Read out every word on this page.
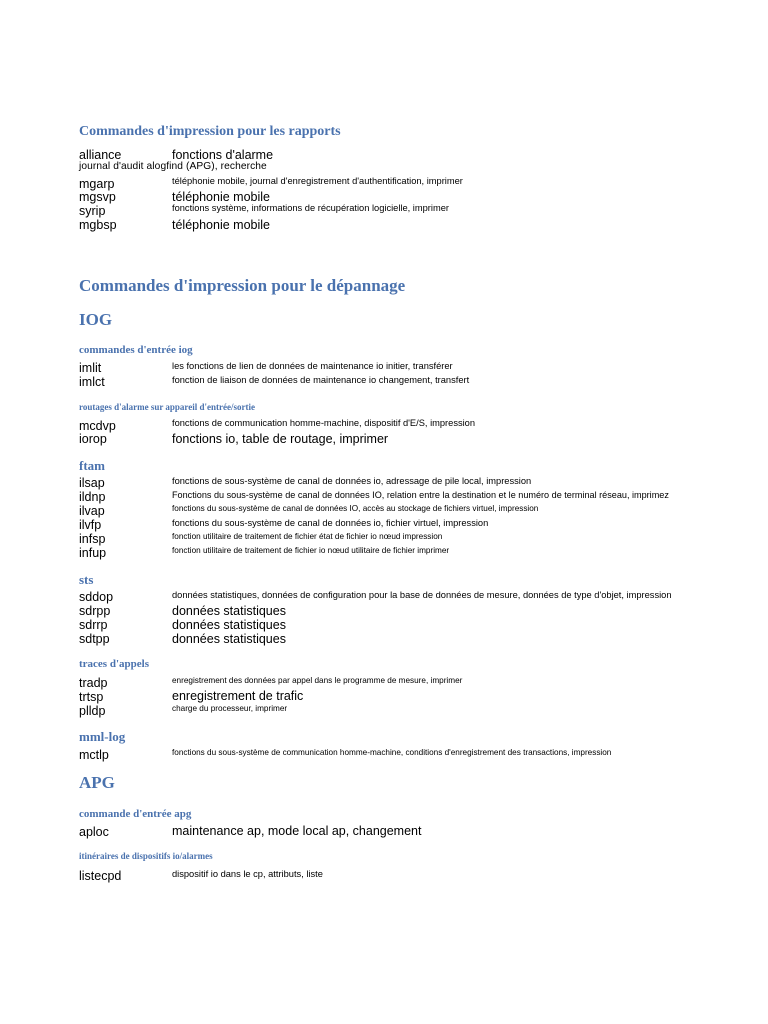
Commandes d'impression pour les rapports
alliance	fonctions d'alarme
journal d'audit alogfind (APG), recherche
mgarp	téléphonie mobile, journal d'enregistrement d'authentification, imprimer
mgsvp	téléphonie mobile
syrip	fonctions système, informations de récupération logicielle, imprimer
mgbsp	téléphonie mobile
Commandes d'impression pour le dépannage
IOG
commandes d'entrée iog
imlit	les fonctions de lien de données de maintenance io initier, transférer
imlct	fonction de liaison de données de maintenance io changement, transfert
routages d'alarme sur appareil d'entrée/sortie
mcdvp	fonctions de communication homme-machine, dispositif d'E/S, impression
iorop	fonctions io, table de routage, imprimer
ftam
ilsap	fonctions de sous-système de canal de données io, adressage de pile local, impression
ildnp	Fonctions du sous-système de canal de données IO, relation entre la destination et le numéro de terminal réseau, imprimez
ilvap	fonctions du sous-système de canal de données IO, accès au stockage de fichiers virtuel, impression
ilvfp	fonctions du sous-système de canal de données io, fichier virtuel, impression
infsp	fonction utilitaire de traitement de fichier état de fichier io nœud impression
infup	fonction utilitaire de traitement de fichier io nœud utilitaire de fichier imprimer
sts
sddop	données statistiques, données de configuration pour la base de données de mesure, données de type d'objet, impression
sdrpp	données statistiques
sdrrp	données statistiques
sdtpp	données statistiques
traces d'appels
tradp	enregistrement des données par appel dans le programme de mesure, imprimer
trtsp	enregistrement de trafic
plldp	charge du processeur, imprimer
mml-log
mctlp	fonctions du sous-système de communication homme-machine, conditions d'enregistrement des transactions, impression
APG
commande d'entrée apg
aploc	maintenance ap, mode local ap, changement
itinéraires de dispositifs io/alarmes
listecpd	dispositif io dans le cp, attributs, liste
